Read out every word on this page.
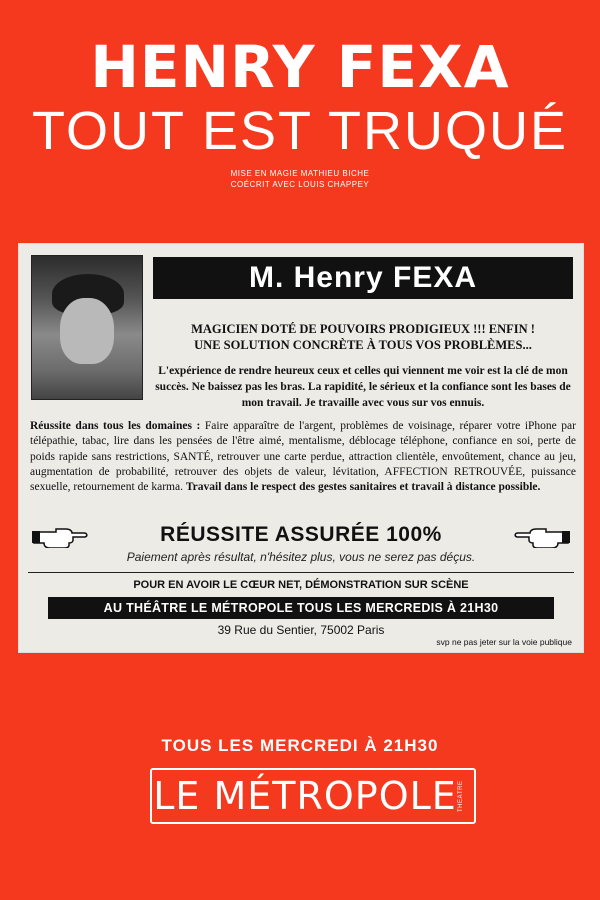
HENRY FEXA
TOUT EST TRUQUÉ
MISE EN MAGIE MATHIEU BICHE
COÉCRIT AVEC LOUIS CHAPPEY
M. Henry FEXA
MAGICIEN DOTÉ DE POUVOIRS PRODIGIEUX !!! ENFIN !
UNE SOLUTION CONCRÈTE À TOUS VOS PROBLÈMES...
L'expérience de rendre heureux ceux et celles qui viennent me voir est la clé de mon succès. Ne baissez pas les bras. La rapidité, le sérieux et la confiance sont les bases de mon travail. Je travaille avec vous sur vos ennuis.
Réussite dans tous les domaines : Faire apparaître de l'argent, problèmes de voisinage, réparer votre iPhone par télépathie, tabac, lire dans les pensées de l'être aimé, mentalisme, déblocage téléphone, confiance en soi, perte de poids rapide sans restrictions, SANTÉ, retrouver une carte perdue, attraction clientèle, envoûtement, chance au jeu, augmentation de probabilité, retrouver des objets de valeur, lévitation, AFFECTION RETROUVÉE, puissance sexuelle, retournement de karma. Travail dans le respect des gestes sanitaires et travail à distance possible.
RÉUSSITE ASSURÉE 100%
Paiement après résultat, n'hésitez plus, vous ne serez pas déçus.
POUR EN AVOIR LE CŒUR NET, DÉMONSTRATION SUR SCÈNE
AU THÉÂTRE LE MÉTROPOLE TOUS LES MERCREDIS À 21H30
39 Rue du Sentier, 75002 Paris
svp ne pas jeter sur la voie publique
TOUS LES MERCREDI À 21H30
LE MÉTROPOLE THÉÂTRE
